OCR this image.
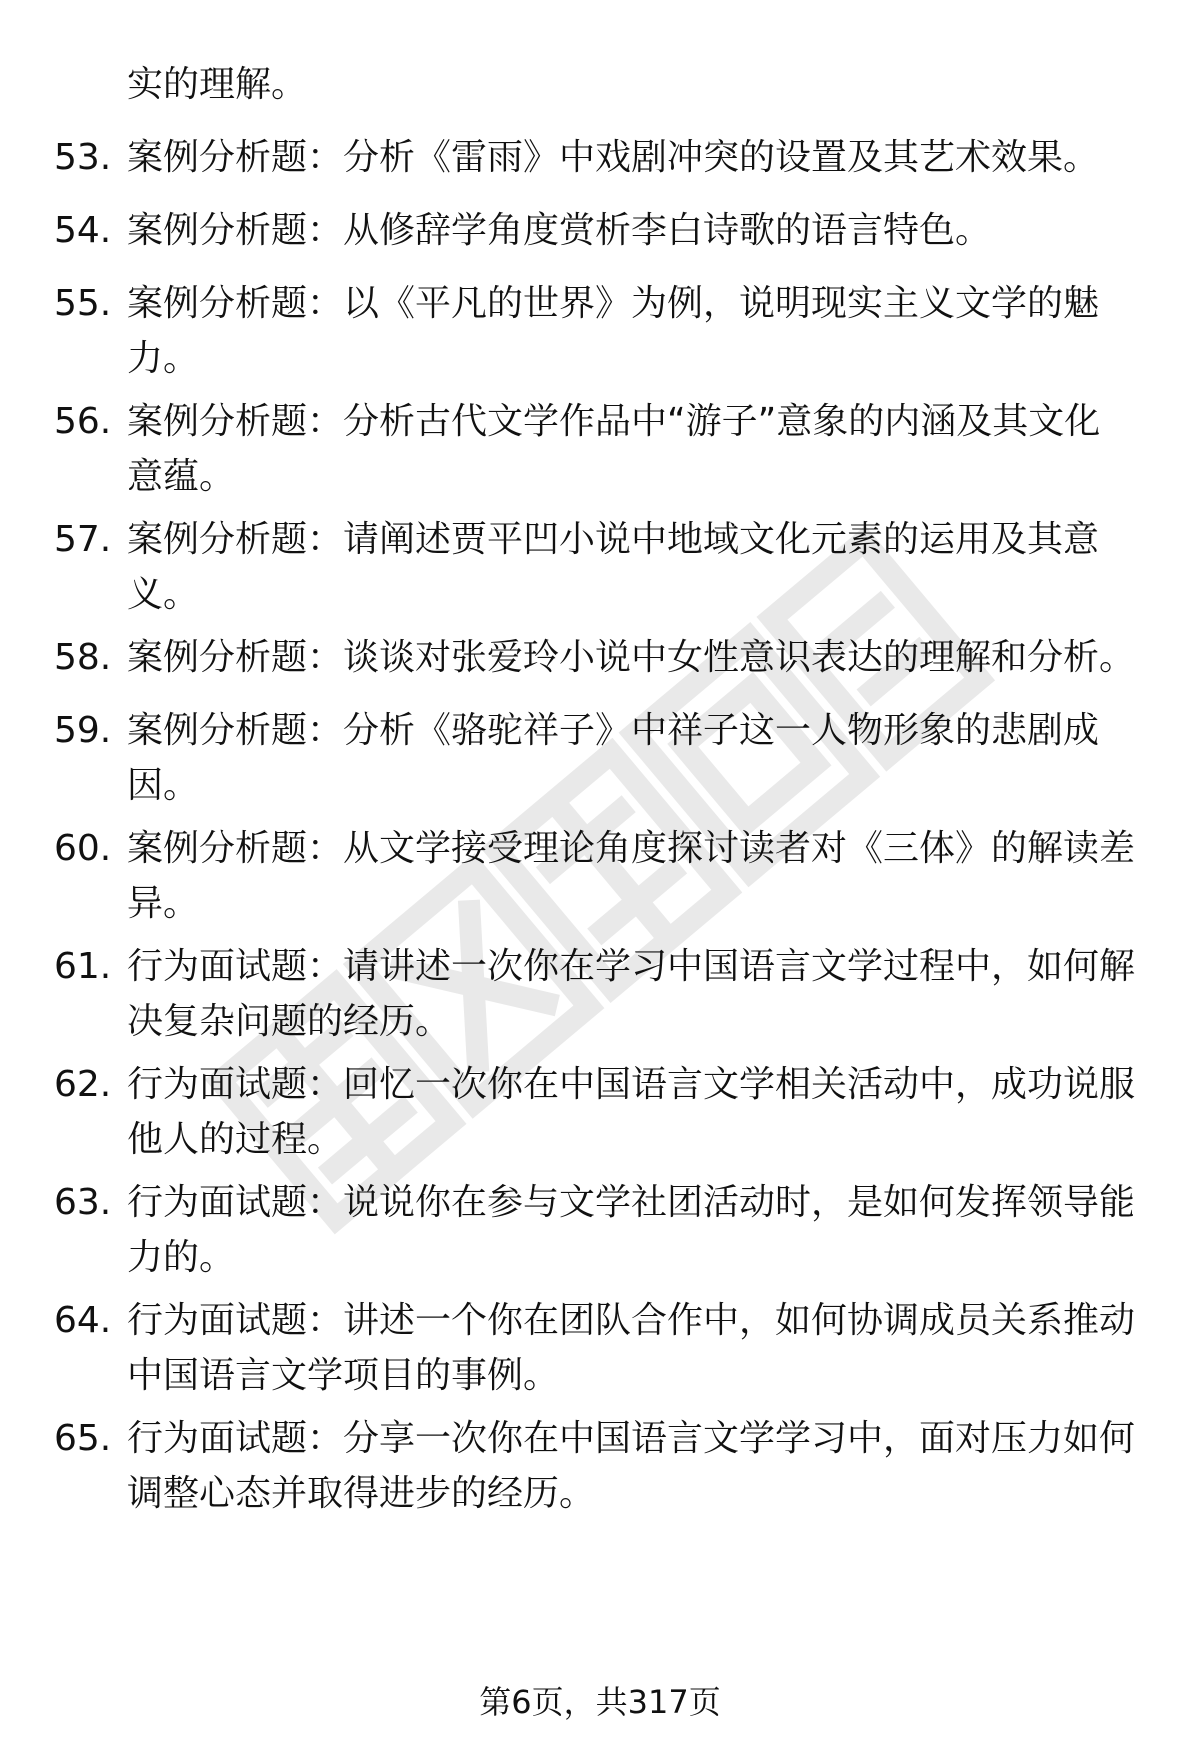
实的理解。
53. 案例分析题：分析《雷雨》中戏剧冲突的设置及其艺术效果。
54. 案例分析题：从修辞学角度赏析李白诗歌的语言特色。
55. 案例分析题：以《平凡的世界》为例，说明现实主义文学的魅
力。
56. 案例分析题：分析古代文学作品中“游子”意象的内涵及其文化
意蕴。
57. 案例分析题：请阐述贾平凹小说中地域文化元素的运用及其意
义。
58. 案例分析题：谈谈对张爱玲小说中女性意识表达的理解和分析。
59. 案例分析题：分析《骆驼祥子》中祥子这一人物形象的悲剧成
因。
60. 案例分析题：从文学接受理论角度探讨读者对《三体》的解读差
异。
61. 行为面试题：请讲述一次你在学习中国语言文学过程中，如何解
决复杂问题的经历。
62. 行为面试题：回忆一次你在中国语言文学相关活动中，成功说服
他人的过程。
63. 行为面试题：说说你在参与文学社团活动时，是如何发挥领导能
力的。
64. 行为面试题：讲述一个你在团队合作中，如何协调成员关系推动
中国语言文学项目的事例。
65. 行为面试题：分享一次你在中国语言文学学习中，面对压力如何
调整心态并取得进步的经历。
第6页，共317页
